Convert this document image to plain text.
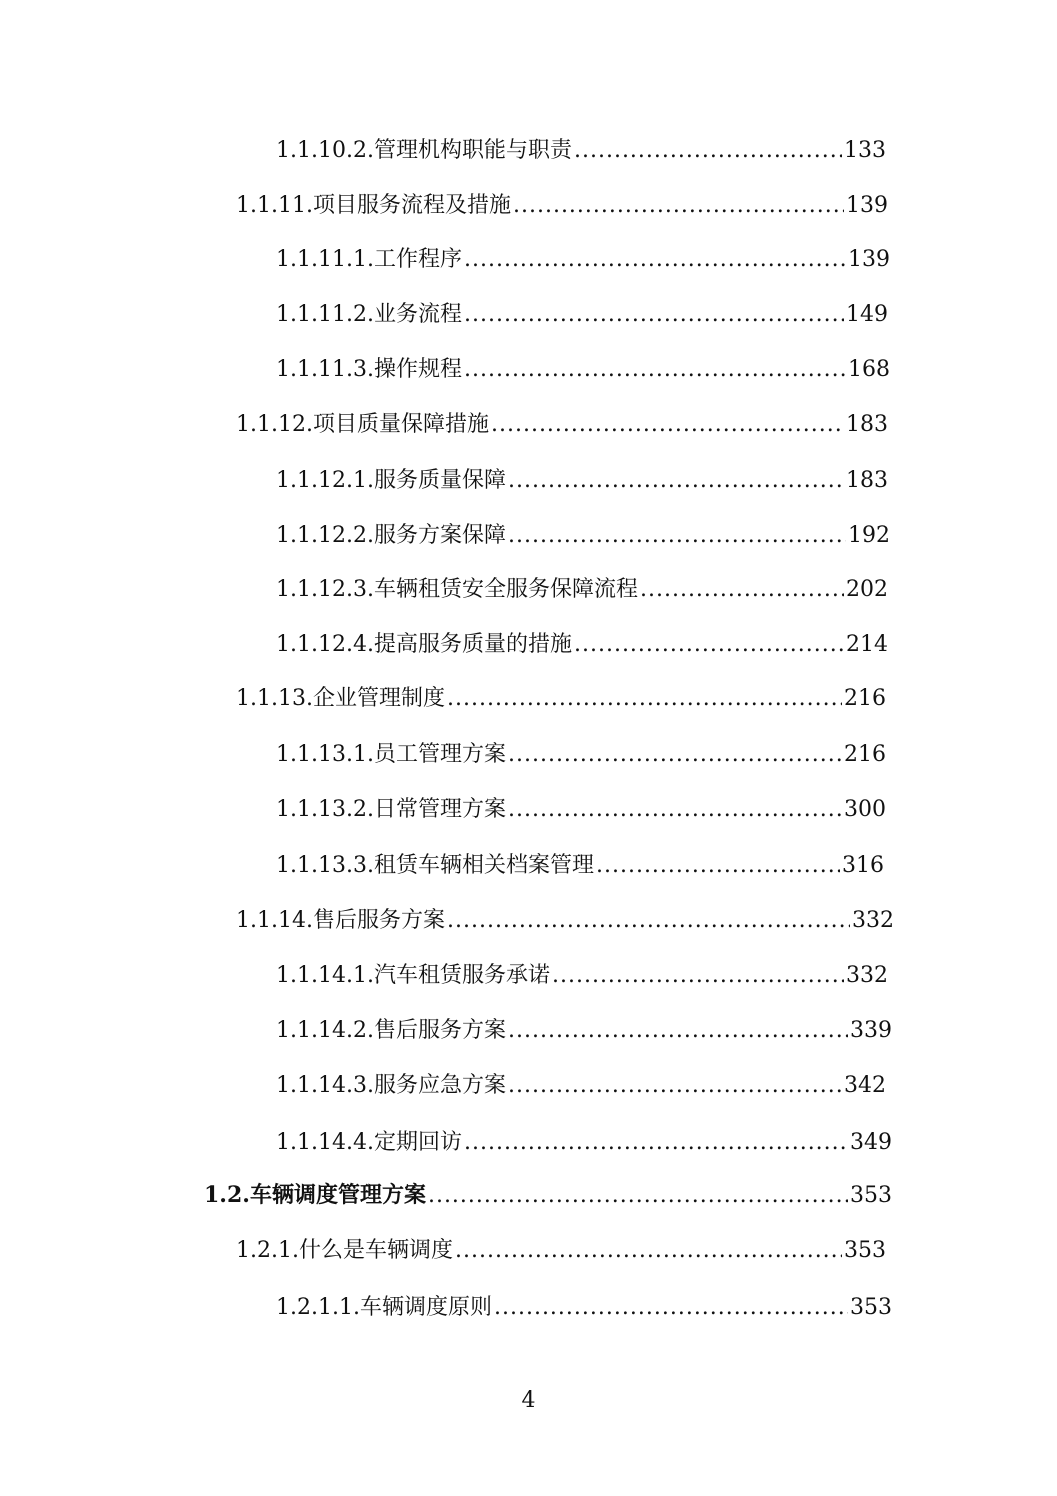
1.1.10.2. 管理机构职能与职责 .....	133
1.1.11. 项目服务流程及措施 .....	139
1.1.11.1. 工作程序 .....	139
1.1.11.2. 业务流程 .....	149
1.1.11.3. 操作规程 .....	168
1.1.12. 项目质量保障措施 .....	183
1.1.12.1. 服务质量保障 .....	183
1.1.12.2. 服务方案保障 .....	192
1.1.12.3. 车辆租赁安全服务保障流程 .....	202
1.1.12.4. 提高服务质量的措施 .....	214
1.1.13. 企业管理制度 .....	216
1.1.13.1. 员工管理方案 .....	216
1.1.13.2. 日常管理方案 .....	300
1.1.13.3. 租赁车辆相关档案管理 .....	316
1.1.14. 售后服务方案 .....	332
1.1.14.1. 汽车租赁服务承诺 .....	332
1.1.14.2. 售后服务方案 .....	339
1.1.14.3. 服务应急方案 .....	342
1.1.14.4. 定期回访 .....	349
1.2. 车辆调度管理方案 .....	353
1.2.1. 什么是车辆调度 .....	353
1.2.1.1. 车辆调度原则 .....	353
4
